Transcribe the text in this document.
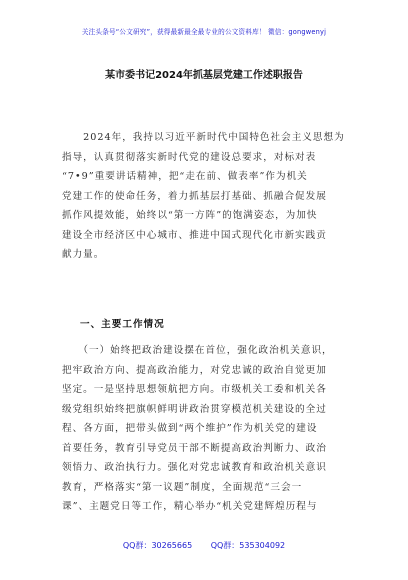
关注头条号“公文研究”，获得最新最全最专业的公文资料库！ 微信：gongwenyj
某市委书记2024年抓基层党建工作述职报告
　　2024年，我持以习近平新时代中国特色社会主义思想为
指导，认真贯彻落实新时代党的建设总要求，对标对表
“7•9”重要讲话精神，把“走在前、做表率”作为机关
党建工作的使命任务，着力抓基层打基础、抓融合促发展
抓作风提效能，始终以“第一方阵”的饱满姿态，为加快
建设全市经济区中心城市、推进中国式现代化市新实践贡
献力量。
一、主要工作情况
　　（一）始终把政治建设摆在首位，强化政治机关意识，
把牢政治方向、提高政治能力，对党忠诚的政治自觉更加
坚定。一是坚持思想领航把方向。市级机关工委和机关各
级党组织始终把旗帜鲜明讲政治贯穿模范机关建设的全过
程、各方面，把带头做到“两个维护”作为机关党的建设
首要任务，教育引导党员干部不断提高政治判断力、政治
领悟力、政治执行力。强化对党忠诚教育和政治机关意识
教育，严格落实“第一议题”制度，全面规范“三会一
课”、主题党日等工作，精心举办“机关党建辉煌历程与
QQ群：30265665 QQ群：535304092
